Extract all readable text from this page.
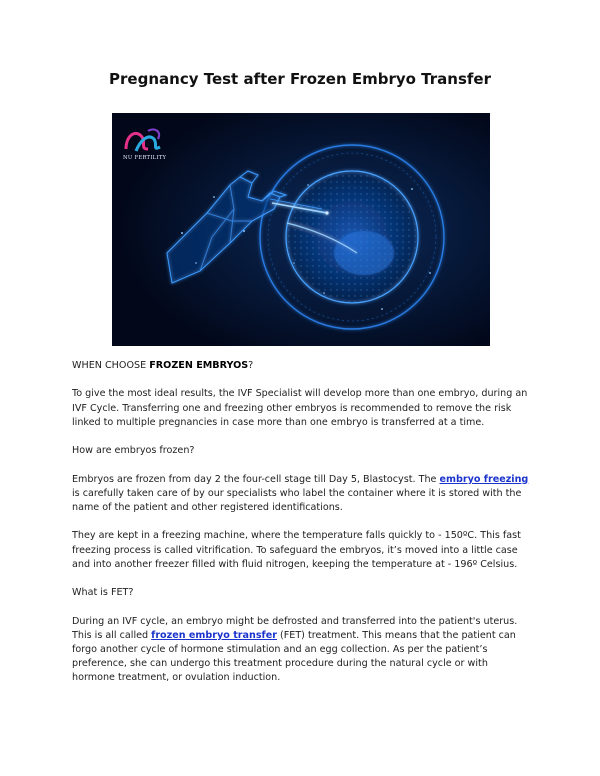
Pregnancy Test after Frozen Embryo Transfer
NU FERTILITY

WHEN CHOOSE FROZEN EMBRYOS?

To give the most ideal results, the IVF Specialist will develop more than one embryo, during an IVF Cycle. Transferring one and freezing other embryos is recommended to remove the risk linked to multiple pregnancies in case more than one embryo is transferred at a time.

How are embryos frozen?

Embryos are frozen from day 2 the four-cell stage till Day 5, Blastocyst. The embryo freezing is carefully taken care of by our specialists who label the container where it is stored with the name of the patient and other registered identifications.

They are kept in a freezing machine, where the temperature falls quickly to - 150ºC. This fast freezing process is called vitrification. To safeguard the embryos, it’s moved into a little case and into another freezer filled with fluid nitrogen, keeping the temperature at - 196º Celsius.

What is FET?

During an IVF cycle, an embryo might be defrosted and transferred into the patient's uterus. This is all called frozen embryo transfer (FET) treatment. This means that the patient can forgo another cycle of hormone stimulation and an egg collection. As per the patient’s preference, she can undergo this treatment procedure during the natural cycle or with hormone treatment, or ovulation induction.
